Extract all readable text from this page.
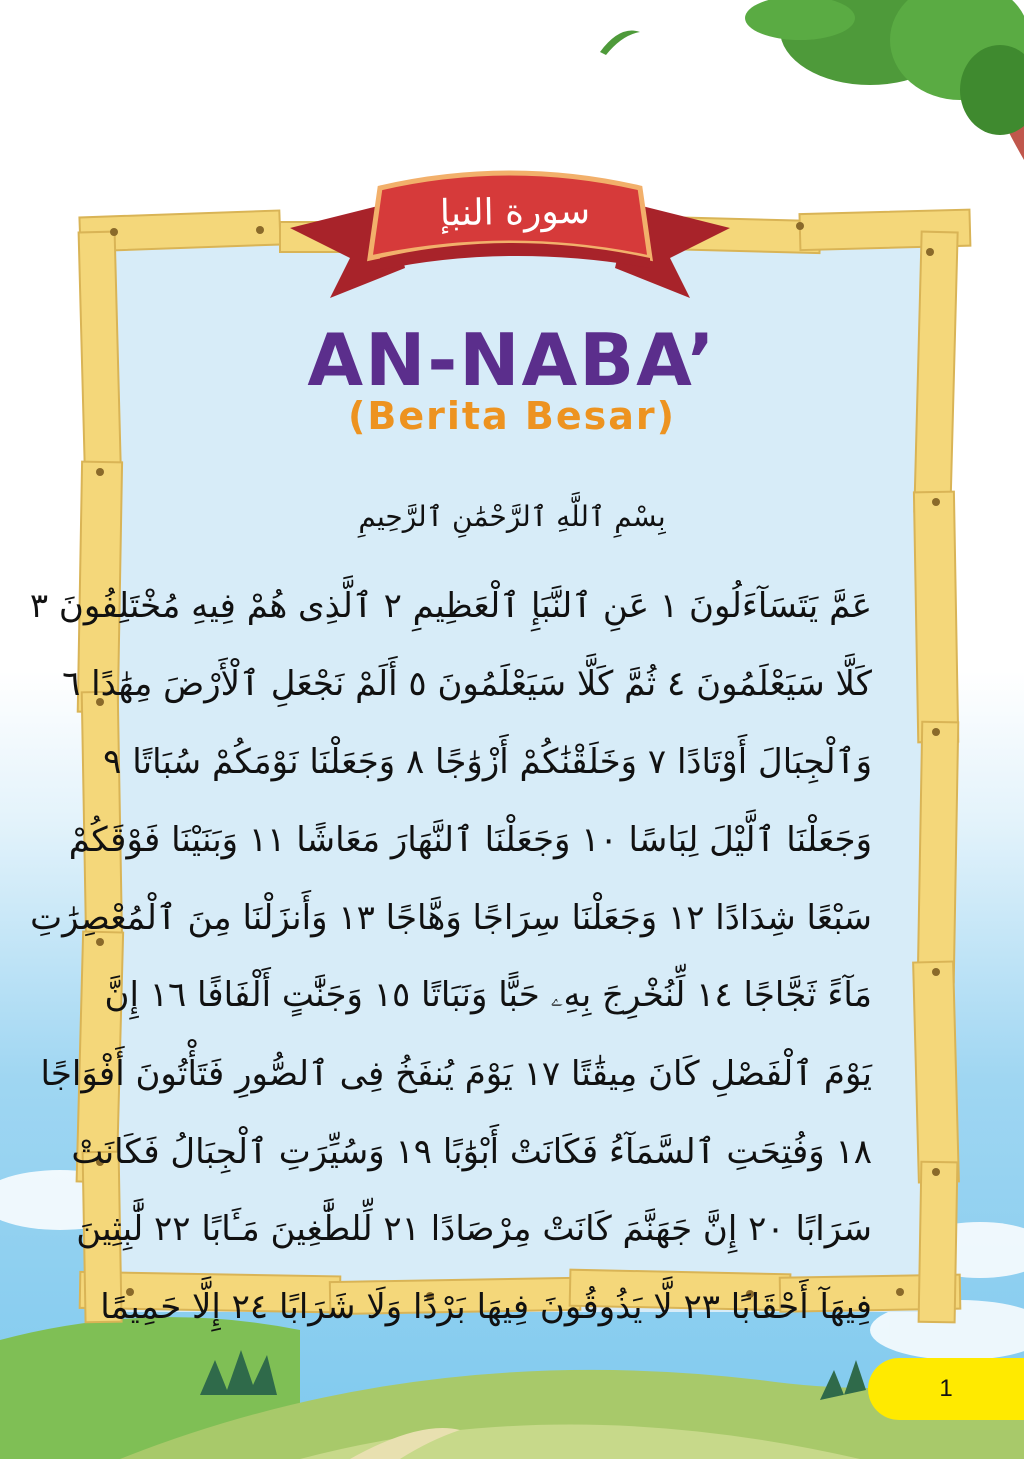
سورة النبإ
AN-NABA’
(Berita Besar)
بِسْمِ ٱللَّهِ ٱلرَّحْمَٰنِ ٱلرَّحِيمِ
عَمَّ يَتَسَآءَلُونَ ١ عَنِ ٱلنَّبَإِ ٱلْعَظِيمِ ٢ ٱلَّذِى هُمْ فِيهِ مُخْتَلِفُونَ ٣
كَلَّا سَيَعْلَمُونَ ٤ ثُمَّ كَلَّا سَيَعْلَمُونَ ٥ أَلَمْ نَجْعَلِ ٱلْأَرْضَ مِهَٰدًا ٦
وَٱلْجِبَالَ أَوْتَادًا ٧ وَخَلَقْنَٰكُمْ أَزْوَٰجًا ٨ وَجَعَلْنَا نَوْمَكُمْ سُبَاتًا ٩
وَجَعَلْنَا ٱلَّيْلَ لِبَاسًا ١٠ وَجَعَلْنَا ٱلنَّهَارَ مَعَاشًا ١١ وَبَنَيْنَا فَوْقَكُمْ
سَبْعًا شِدَادًا ١٢ وَجَعَلْنَا سِرَاجًا وَهَّاجًا ١٣ وَأَنزَلْنَا مِنَ ٱلْمُعْصِرَٰتِ
مَآءً ثَجَّاجًا ١٤ لِّنُخْرِجَ بِهِۦ حَبًّا وَنَبَاتًا ١٥ وَجَنَّٰتٍ أَلْفَافًا ١٦ إِنَّ
يَوْمَ ٱلْفَصْلِ كَانَ مِيقَٰتًا ١٧ يَوْمَ يُنفَخُ فِى ٱلصُّورِ فَتَأْتُونَ أَفْوَاجًا
١٨ وَفُتِحَتِ ٱلسَّمَآءُ فَكَانَتْ أَبْوَٰبًا ١٩ وَسُيِّرَتِ ٱلْجِبَالُ فَكَانَتْ
سَرَابًا ٢٠ إِنَّ جَهَنَّمَ كَانَتْ مِرْصَادًا ٢١ لِّلطَّٰغِينَ مَـَٔابًا ٢٢ لَّٰبِثِينَ
فِيهَآ أَحْقَابًا ٢٣ لَّا يَذُوقُونَ فِيهَا بَرْدًا وَلَا شَرَابًا ٢٤ إِلَّا حَمِيمًا
1
